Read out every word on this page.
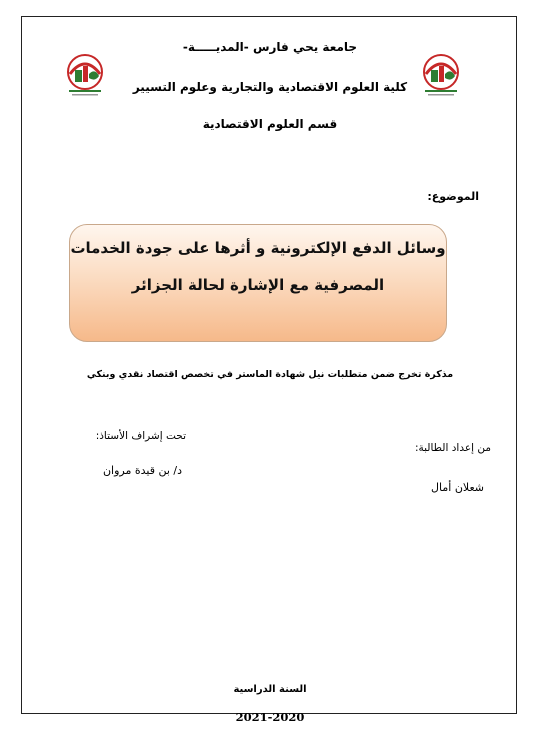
جامعة يحي فارس -المديـــــة-
كلية العلوم الاقتصادية والتجارية وعلوم التسيير
قسم العلوم الاقتصادية
الموضوع:
وسائل الدفع الإلكترونية و أثرها على جودة الخدمات
المصرفية مع الإشارة لحالة الجزائر
مذكرة تخرج ضمن متطلبات نيل شهادة الماستر في تخصص اقتصاد نقدي وبنكي
تحت إشراف الأستاذ:
د/ بن قيدة مروان
من إعداد الطالبة:
شعلان أمال
السنة الدراسية
2021-2020
